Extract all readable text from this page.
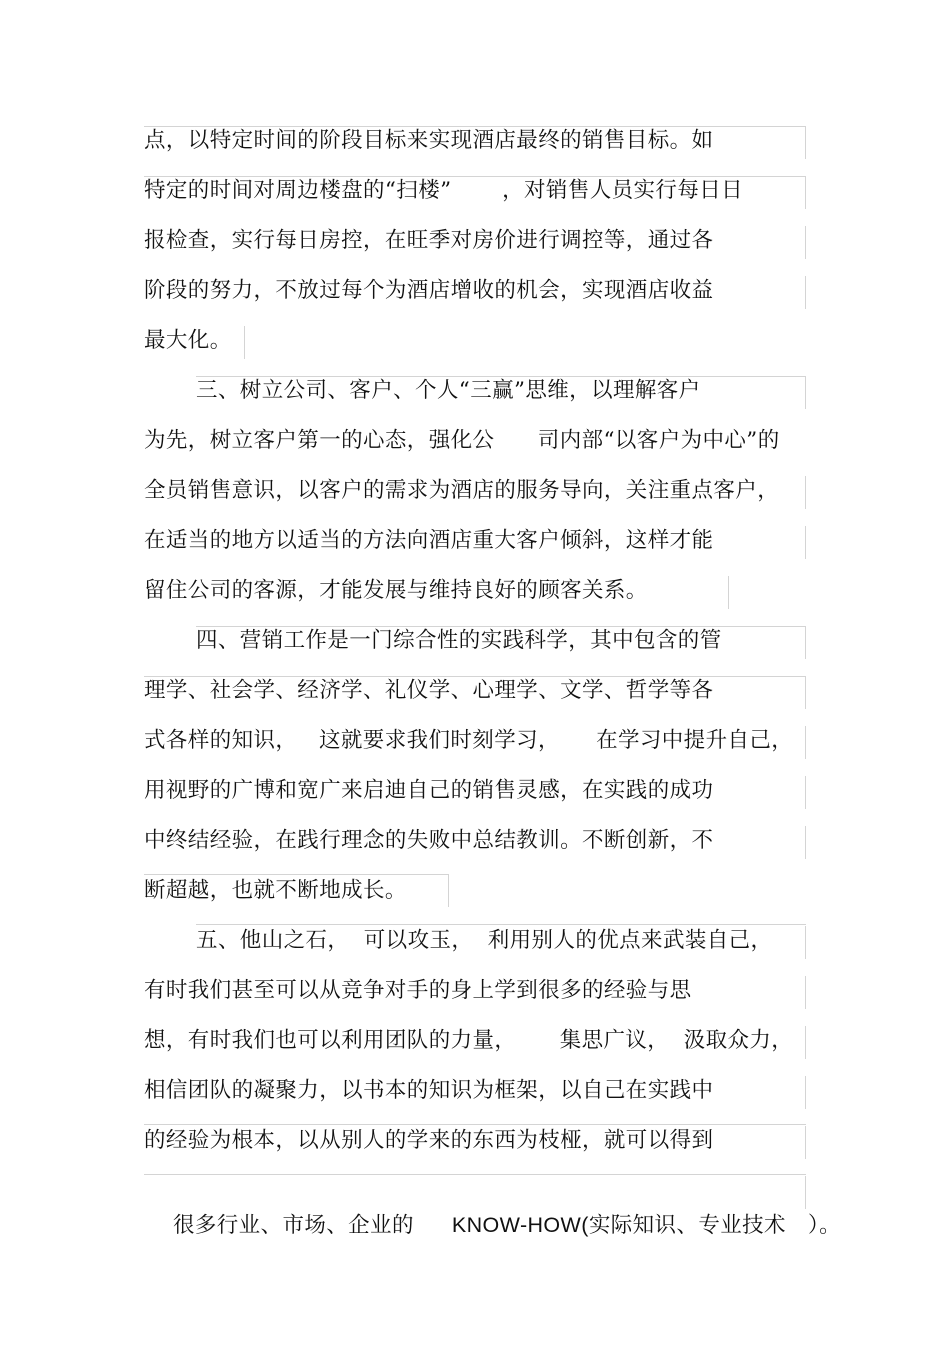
点，以特定时间的阶段目标来实现酒店最终的销售目标。如
特定的时间对周边楼盘的“扫楼”       ，对销售人员实行每日日
报检查，实行每日房控，在旺季对房价进行调控等，通过各
阶段的努力，不放过每个为酒店增收的机会，实现酒店收益
最大化。
三、树立公司、客户、个人“三赢”思维，以理解客户
为先，树立客户第一的心态，强化公      司内部“以客户为中心”的
全员销售意识，以客户的需求为酒店的服务导向，关注重点客户，
在适当的地方以适当的方法向酒店重大客户倾斜，这样才能
留住公司的客源，才能发展与维持良好的顾客关系。
四、营销工作是一门综合性的实践科学，其中包含的管
理学、社会学、经济学、礼仪学、心理学、文学、哲学等各
式各样的知识，   这就要求我们时刻学习，     在学习中提升自己，
用视野的广博和宽广来启迪自己的销售灵感，在实践的成功
中终结经验，在践行理念的失败中总结教训。不断创新，不
断超越，也就不断地成长。
五、他山之石，  可以攻玉，  利用别人的优点来武装自己，
有时我们甚至可以从竞争对手的身上学到很多的经验与思
想，有时我们也可以利用团队的力量，      集思广议，  汲取众力，
相信团队的凝聚力，以书本的知识为框架，以自己在实践中
的经验为根本，以从别人的学来的东西为枝桠，就可以得到

很多行业、市场、企业的 KNOW-HOW(实际知识、专业技术 ）。
